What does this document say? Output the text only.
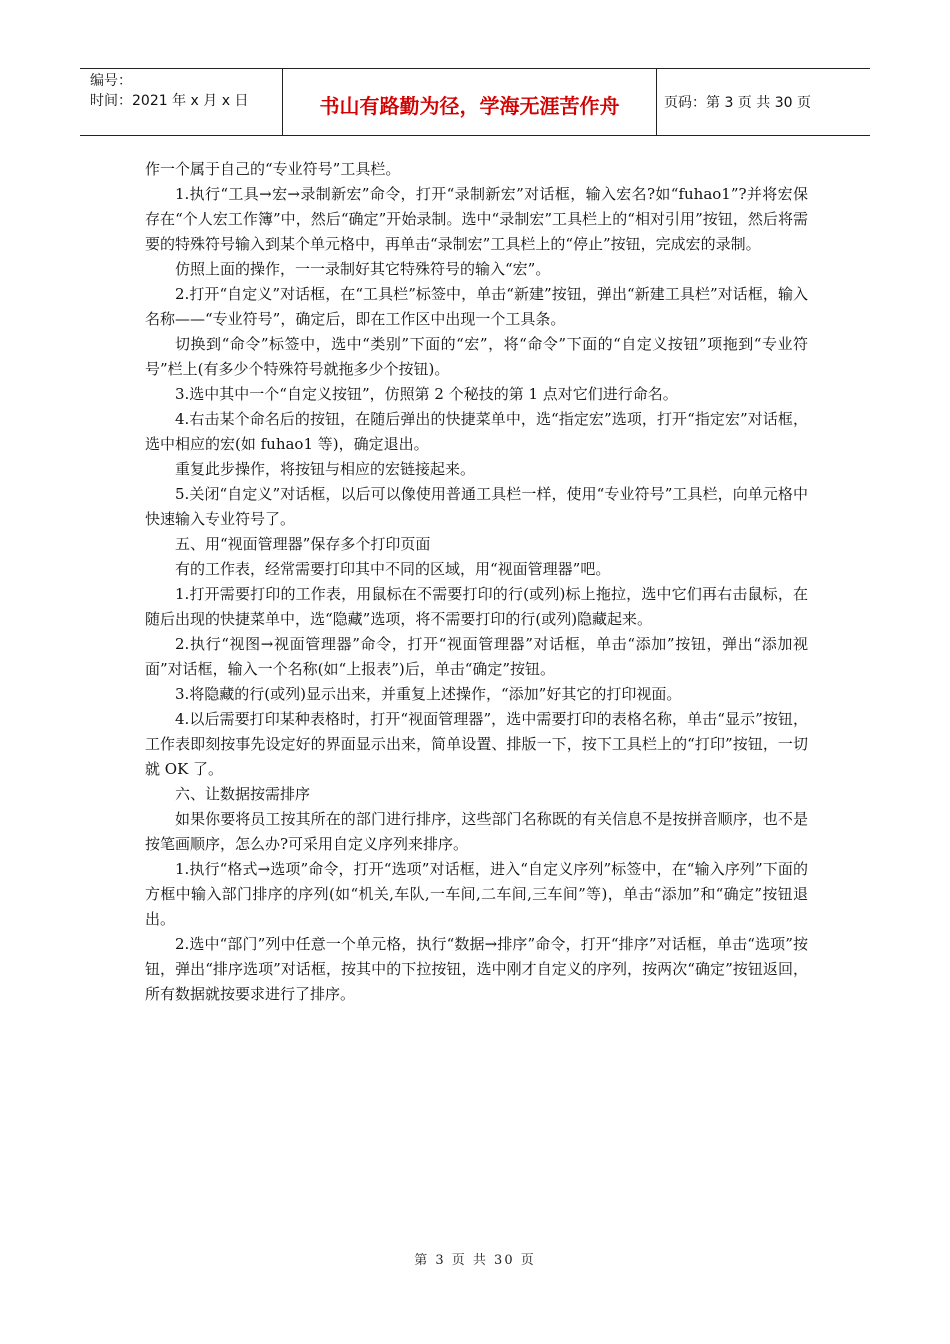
编号：
时间：2021 年 x 月 x 日	书山有路勤为径，学海无涯苦作舟	页码：第 3 页 共 30 页

作一个属于自己的“专业符号”工具栏。

1.执行“工具→宏→录制新宏”命令，打开“录制新宏”对话框，输入宏名?如“fuhao1”?并将宏保存在“个人宏工作簿”中，然后“确定”开始录制。选中“录制宏”工具栏上的“相对引用”按钮，然后将需要的特殊符号输入到某个单元格中，再单击“录制宏”工具栏上的“停止”按钮，完成宏的录制。

仿照上面的操作，一一录制好其它特殊符号的输入“宏”。

2.打开“自定义”对话框，在“工具栏”标签中，单击“新建”按钮，弹出“新建工具栏”对话框，输入名称——“专业符号”，确定后，即在工作区中出现一个工具条。

切换到“命令”标签中，选中“类别”下面的“宏”，将“命令”下面的“自定义按钮”项拖到“专业符号”栏上(有多少个特殊符号就拖多少个按钮)。

3.选中其中一个“自定义按钮”，仿照第 2 个秘技的第 1 点对它们进行命名。

4.右击某个命名后的按钮，在随后弹出的快捷菜单中，选“指定宏”选项，打开“指定宏”对话框，选中相应的宏(如 fuhao1 等)，确定退出。

重复此步操作，将按钮与相应的宏链接起来。

5.关闭“自定义”对话框，以后可以像使用普通工具栏一样，使用“专业符号”工具栏，向单元格中快速输入专业符号了。

五、用“视面管理器”保存多个打印页面

有的工作表，经常需要打印其中不同的区域，用“视面管理器”吧。

1.打开需要打印的工作表，用鼠标在不需要打印的行(或列)标上拖拉，选中它们再右击鼠标，在随后出现的快捷菜单中，选“隐藏”选项，将不需要打印的行(或列)隐藏起来。

2.执行“视图→视面管理器”命令，打开“视面管理器”对话框，单击“添加”按钮，弹出“添加视面”对话框，输入一个名称(如“上报表”)后，单击“确定”按钮。

3.将隐藏的行(或列)显示出来，并重复上述操作，“添加”好其它的打印视面。

4.以后需要打印某种表格时，打开“视面管理器”，选中需要打印的表格名称，单击“显示”按钮，工作表即刻按事先设定好的界面显示出来，简单设置、排版一下，按下工具栏上的“打印”按钮，一切就 OK 了。

六、让数据按需排序

如果你要将员工按其所在的部门进行排序，这些部门名称既的有关信息不是按拼音顺序，也不是按笔画顺序，怎么办?可采用自定义序列来排序。

1.执行“格式→选项”命令，打开“选项”对话框，进入“自定义序列”标签中，在“输入序列”下面的方框中输入部门排序的序列(如“机关,车队,一车间,二车间,三车间”等)，单击“添加”和“确定”按钮退出。

2.选中“部门”列中任意一个单元格，执行“数据→排序”命令，打开“排序”对话框，单击“选项”按钮，弹出“排序选项”对话框，按其中的下拉按钮，选中刚才自定义的序列，按两次“确定”按钮返回，所有数据就按要求进行了排序。

第 3 页 共 30 页
